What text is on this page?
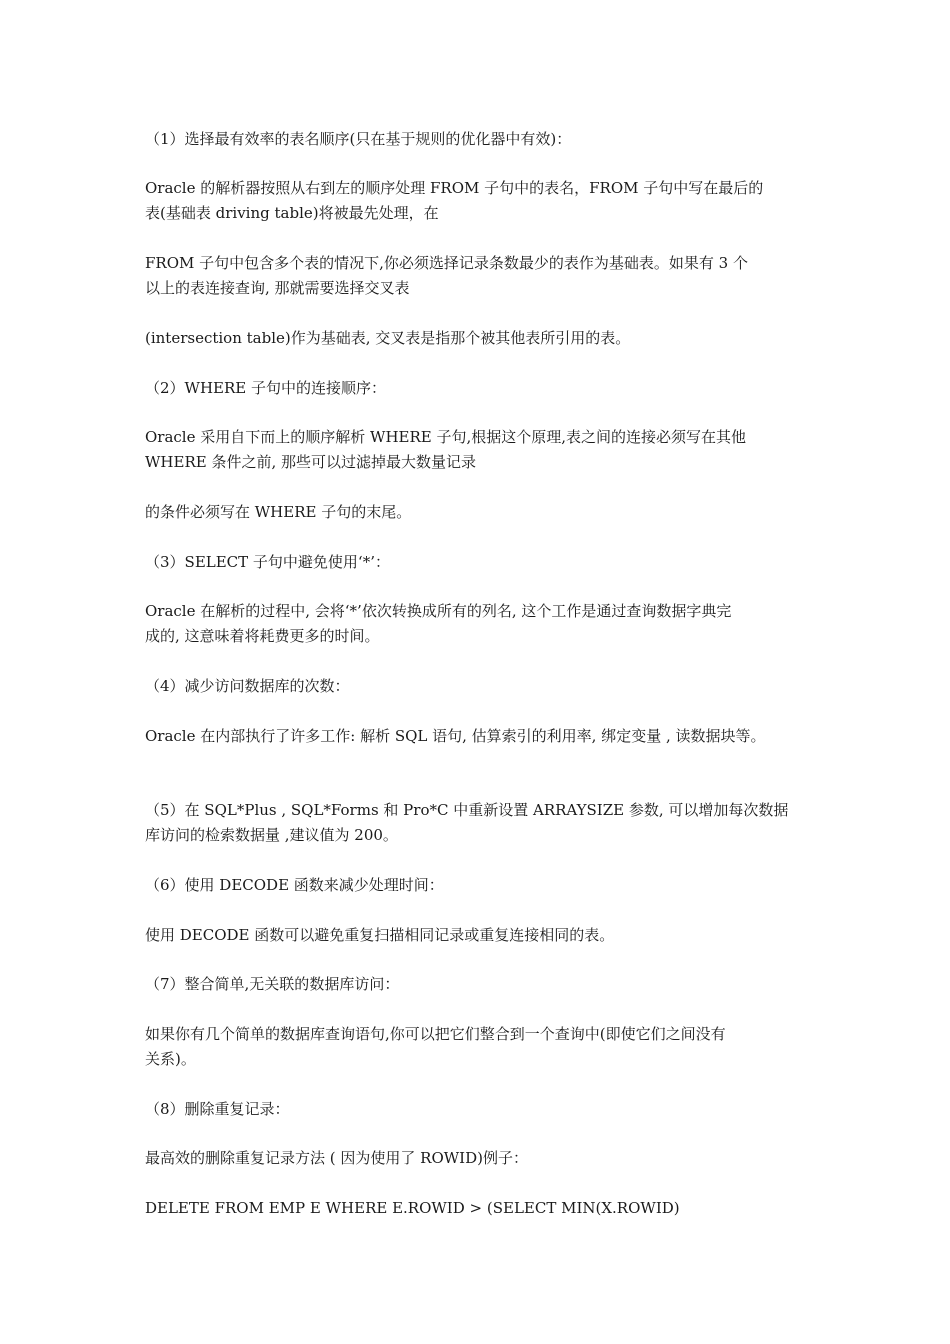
（1）选择最有效率的表名顺序(只在基于规则的优化器中有效)：

Oracle 的解析器按照从右到左的顺序处理 FROM 子句中的表名，FROM 子句中写在最后的
表(基础表 driving table)将被最先处理，在

FROM 子句中包含多个表的情况下,你必须选择记录条数最少的表作为基础表。如果有 3 个
以上的表连接查询, 那就需要选择交叉表

(intersection table)作为基础表, 交叉表是指那个被其他表所引用的表。

（2）WHERE 子句中的连接顺序：

Oracle 采用自下而上的顺序解析 WHERE 子句,根据这个原理,表之间的连接必须写在其他
WHERE 条件之前, 那些可以过滤掉最大数量记录

的条件必须写在 WHERE 子句的末尾。

（3）SELECT 子句中避免使用‘*’：

Oracle 在解析的过程中, 会将‘*’依次转换成所有的列名, 这个工作是通过查询数据字典完
成的, 这意味着将耗费更多的时间。

（4）减少访问数据库的次数：

Oracle 在内部执行了许多工作: 解析 SQL 语句, 估算索引的利用率, 绑定变量 , 读数据块等。

（5）在 SQL*Plus , SQL*Forms 和 Pro*C 中重新设置 ARRAYSIZE 参数, 可以增加每次数据
库访问的检索数据量 ,建议值为 200。

（6）使用 DECODE 函数来减少处理时间：

使用 DECODE 函数可以避免重复扫描相同记录或重复连接相同的表。

（7）整合简单,无关联的数据库访问：

如果你有几个简单的数据库查询语句,你可以把它们整合到一个查询中(即使它们之间没有
关系)。

（8）删除重复记录：

最高效的删除重复记录方法 ( 因为使用了 ROWID)例子：

DELETE FROM EMP E WHERE E.ROWID > (SELECT MIN(X.ROWID)
